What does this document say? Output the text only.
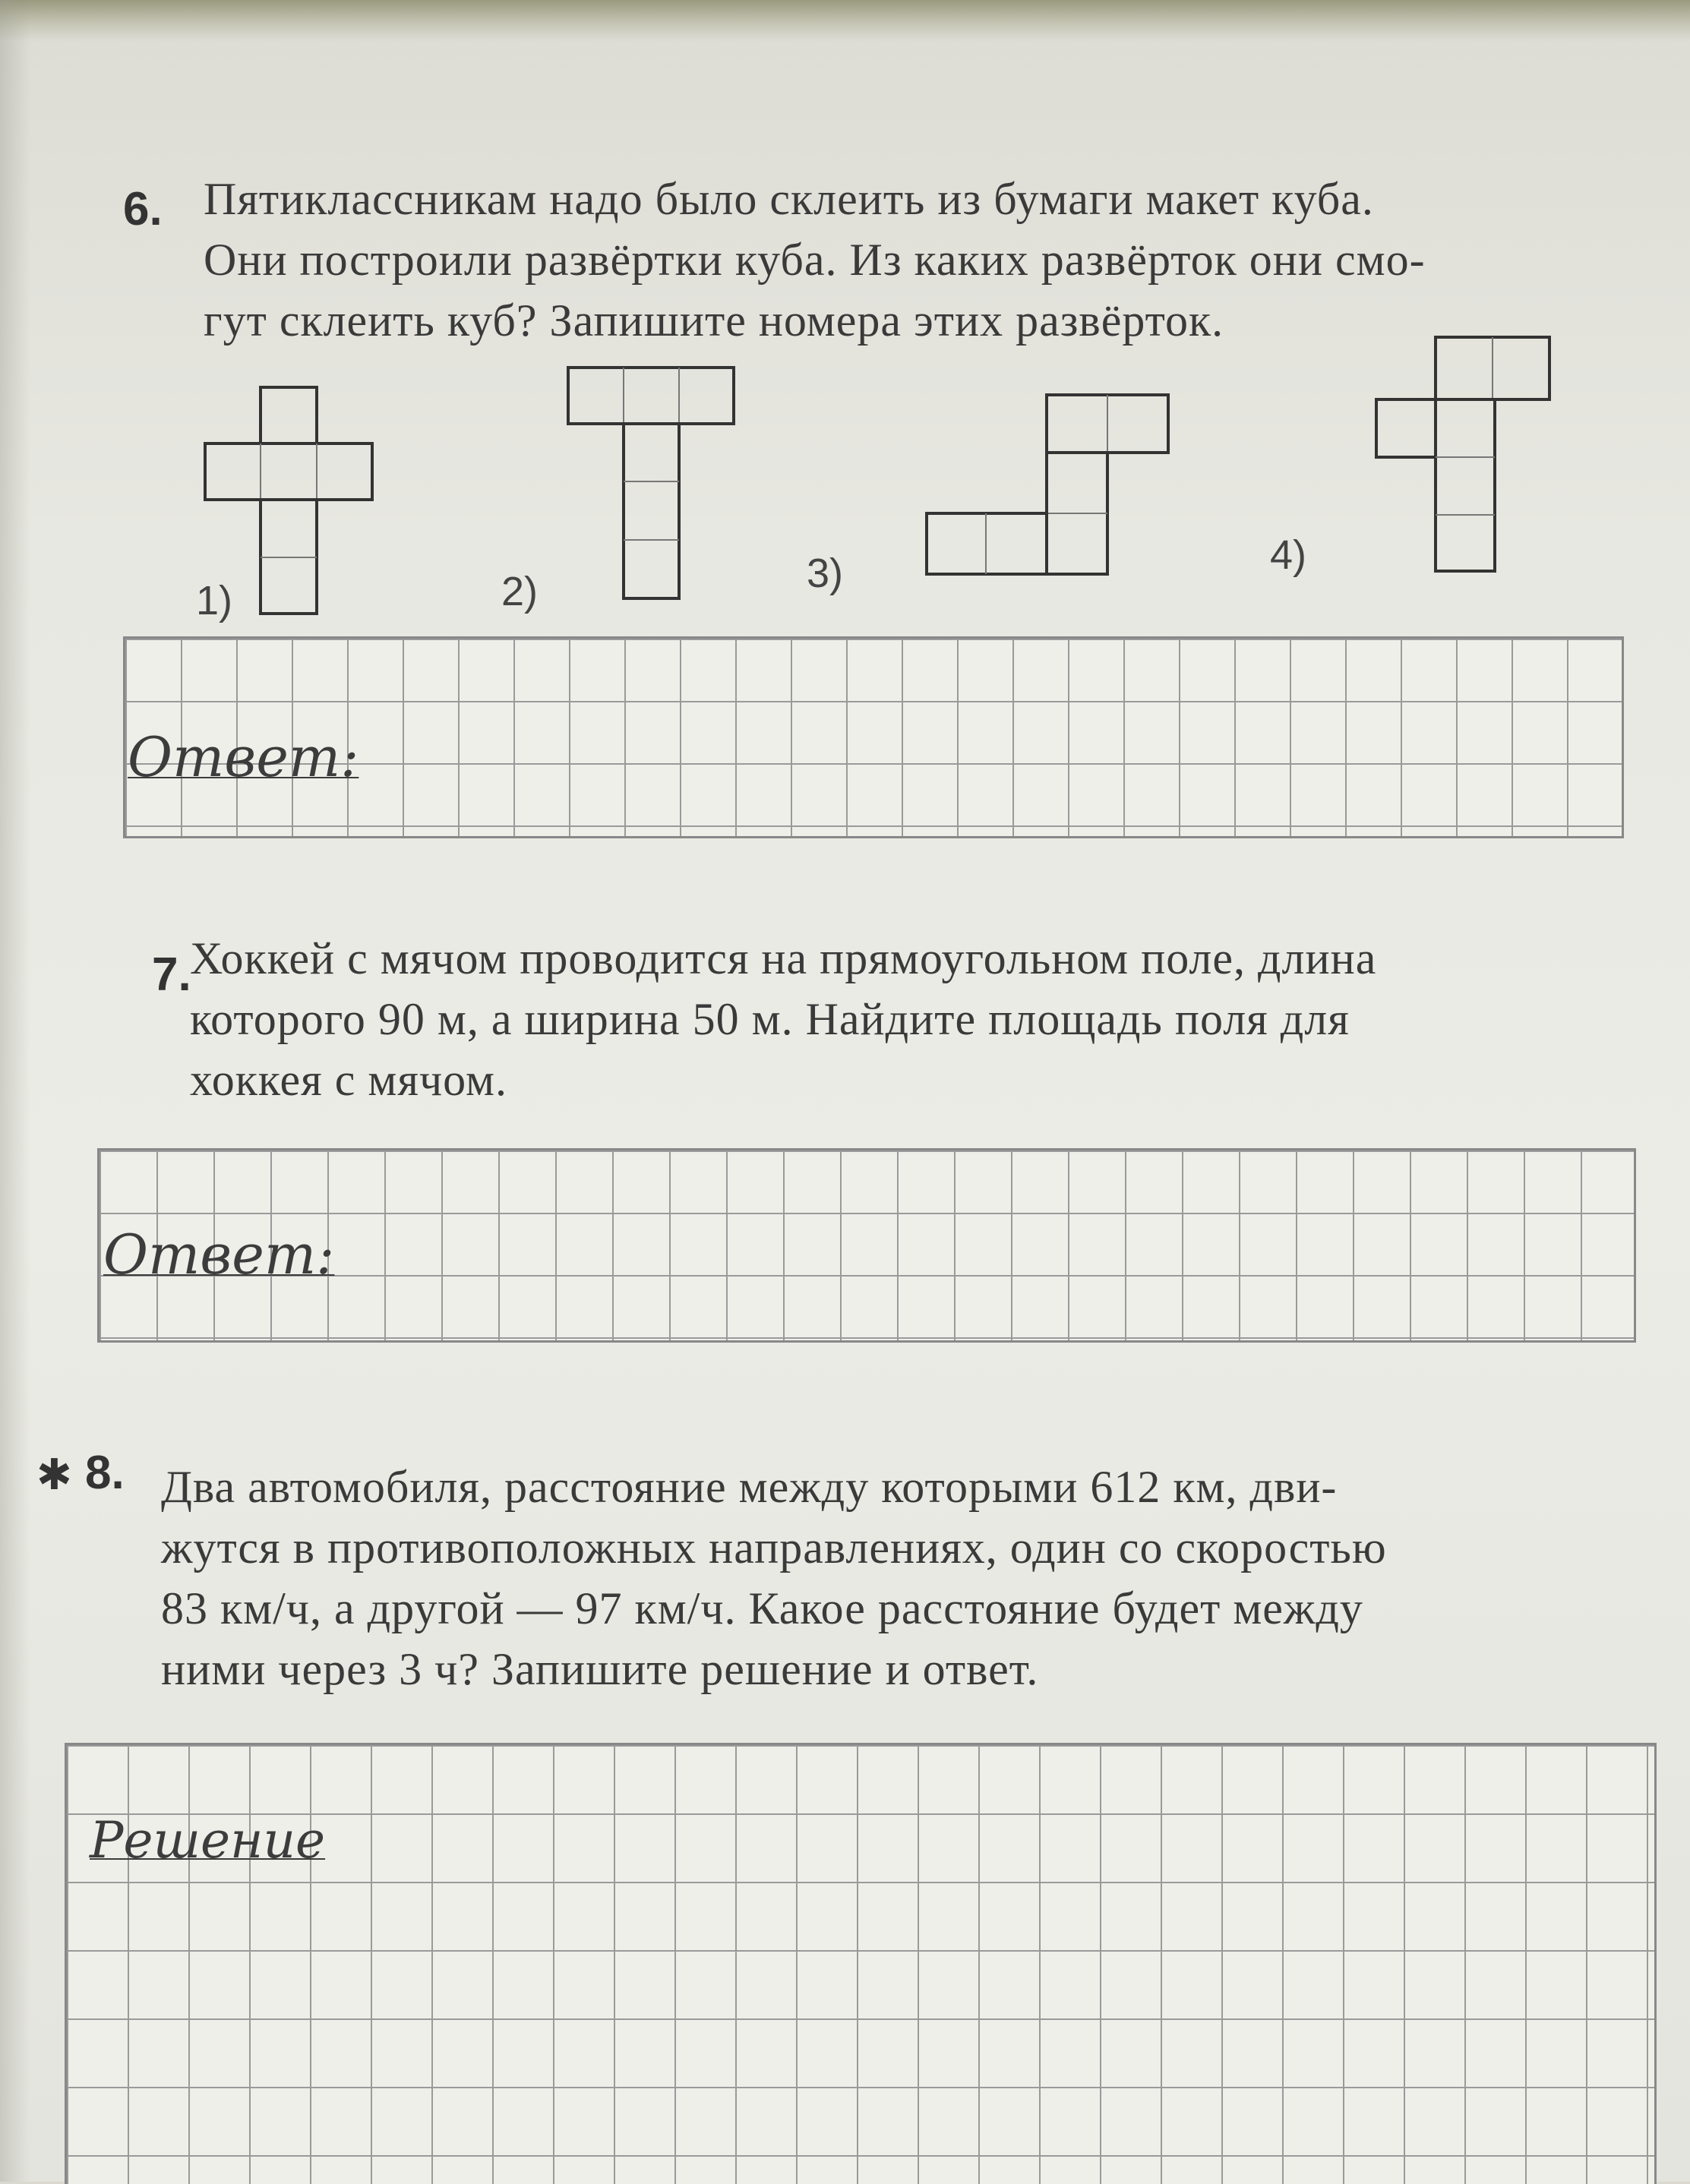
6. Пятиклассникам надо было склеить из бумаги макет куба.
Они построили развёртки куба. Из каких развёрток они смо-
гут склеить куб? Запишите номера этих развёрток.
1)	2)	3)	4)
Ответ:
7.
Хоккей с мячом проводится на прямоугольном поле, длина
которого 90 м, а ширина 50 м. Найдите площадь поля для
хоккея с мячом.
Ответ:
✱ 8. Два автомобиля, расстояние между которыми 612 км, дви-
жутся в противоположных направлениях, один со скоростью
83 км/ч, а другой — 97 км/ч. Какое расстояние будет между
ними через 3 ч? Запишите решение и ответ.
Решение
